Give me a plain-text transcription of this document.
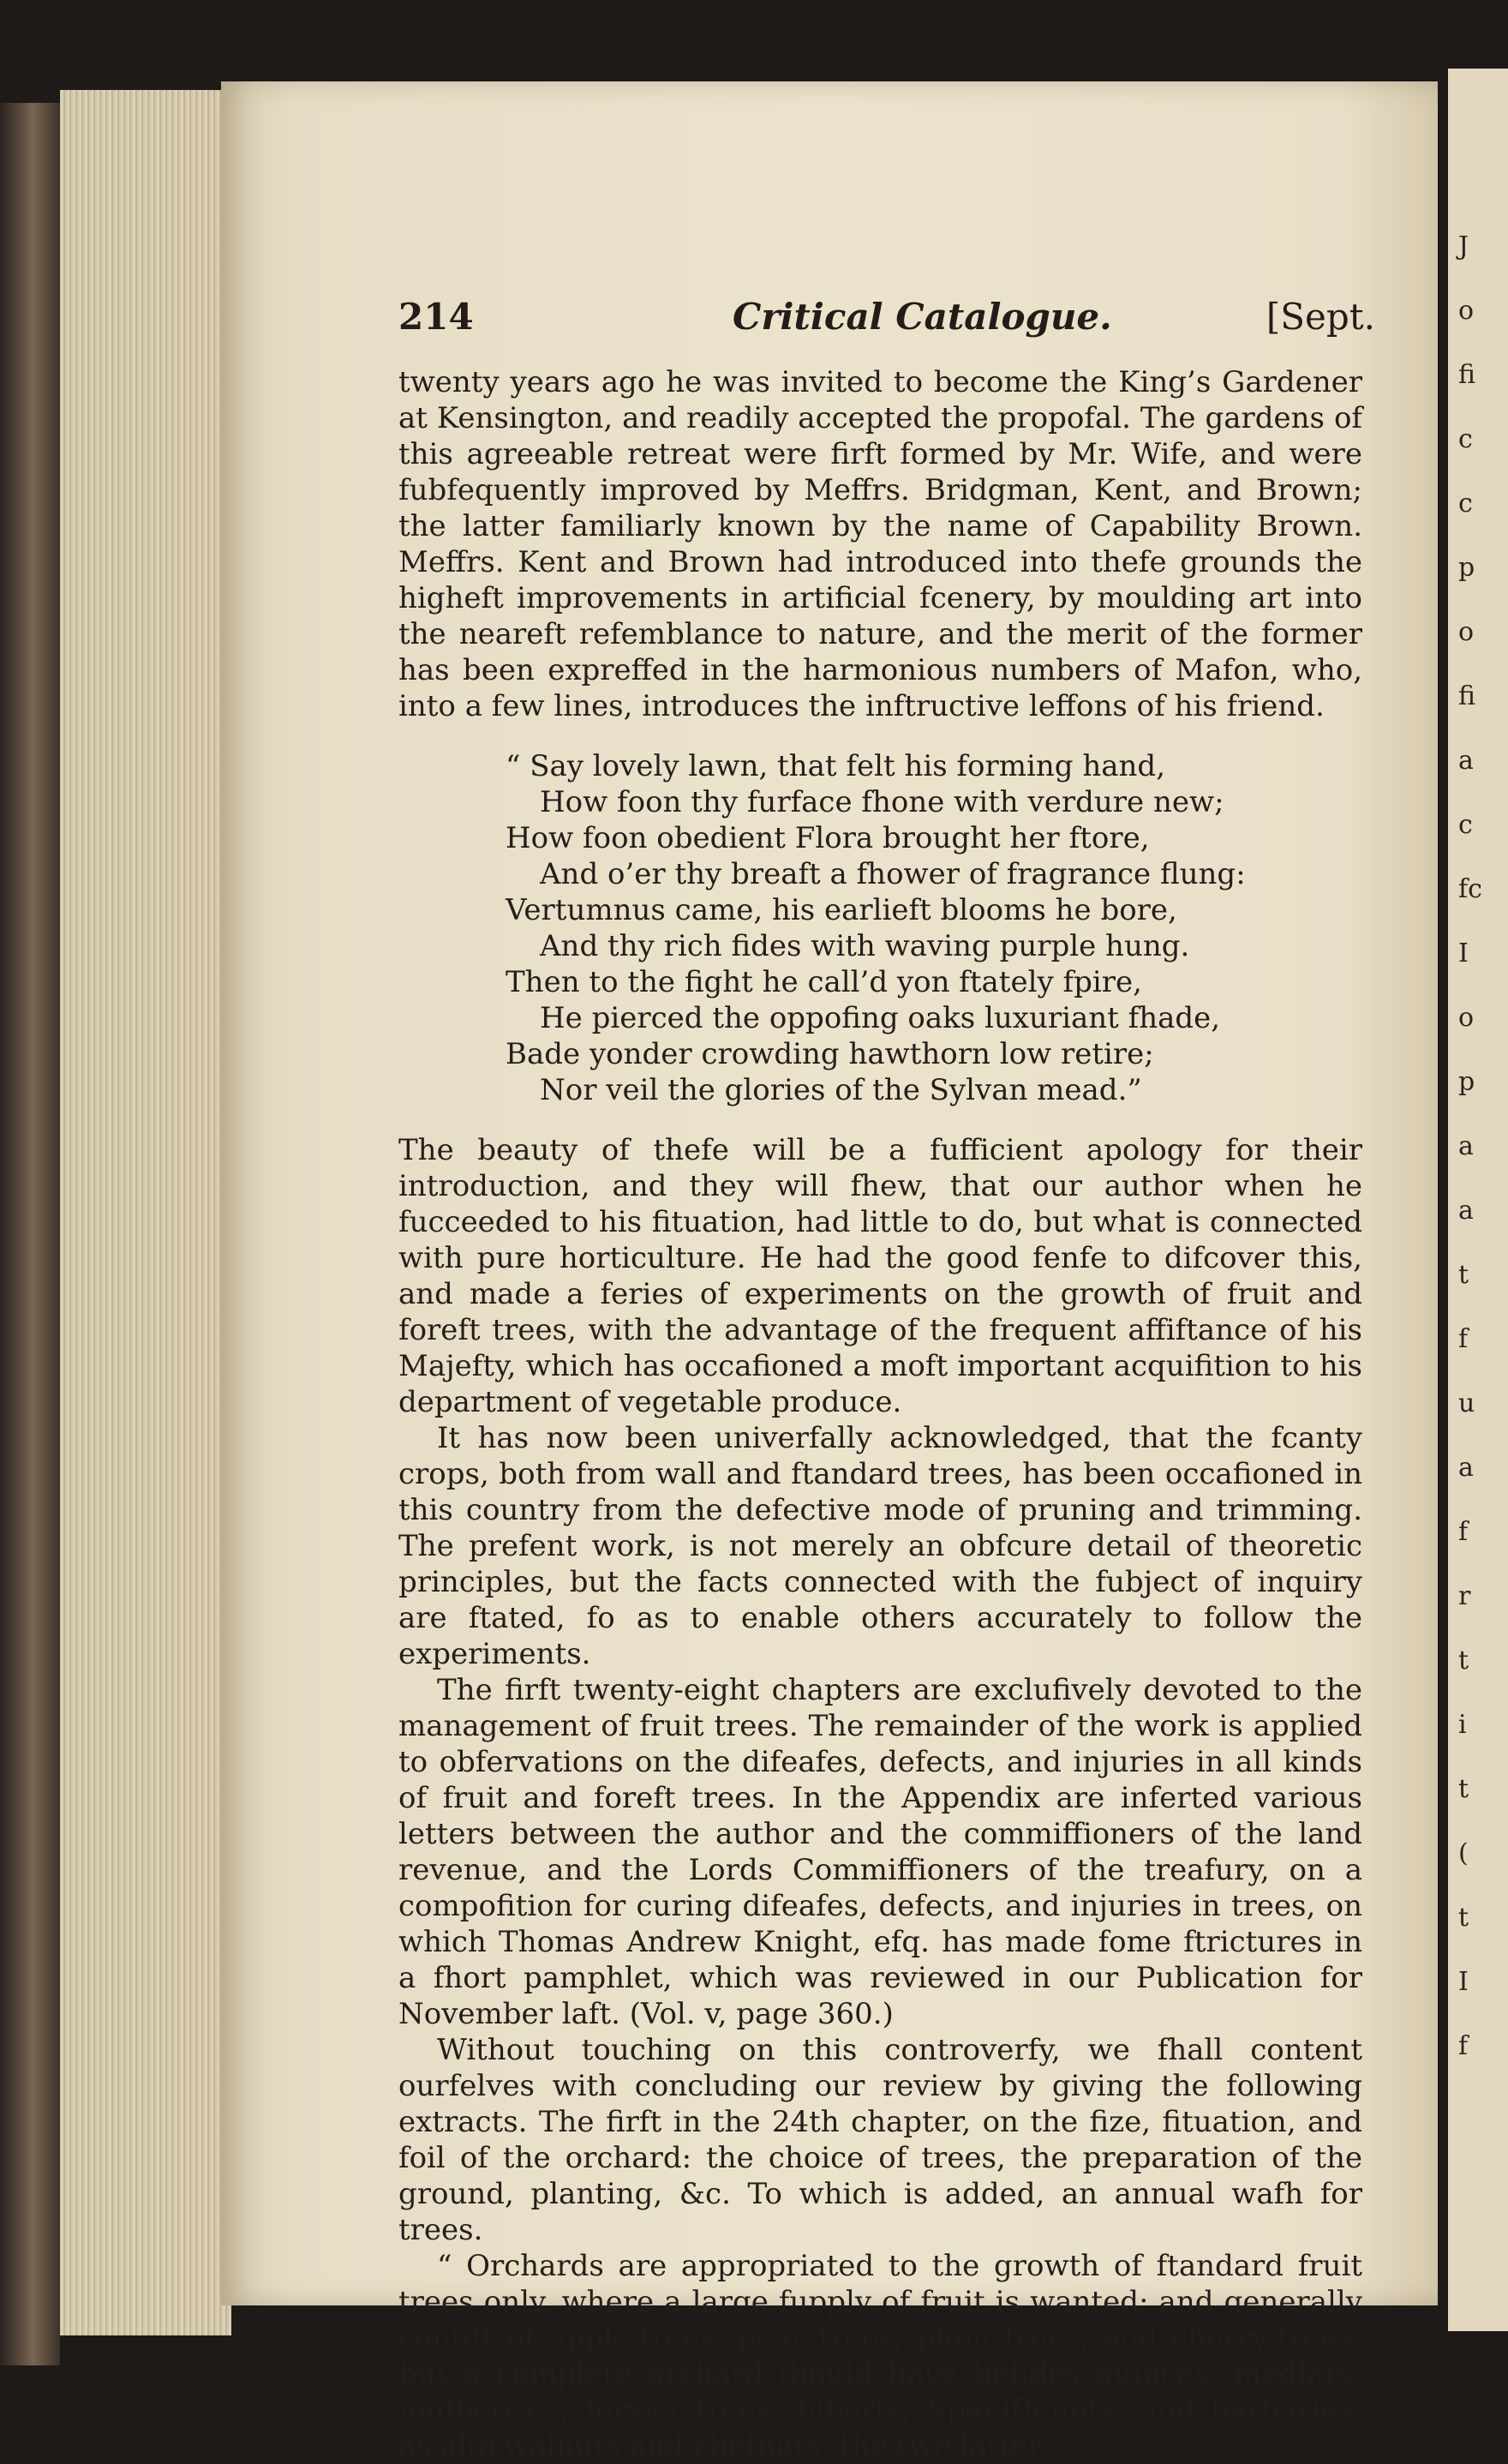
J
o
fi
c
c
p
o
fi
a
c
fc
I
o
p
a
a
t
f
u
a
f
r
t
i
t
(
t
I
f
214	Critical Catalogue.	[Sept.

twenty years ago he was invited to become the King’s Gardener at Kensington, and readily accepted the propofal. The gardens of this agreeable retreat were firft formed by Mr. Wife, and were fubfequently improved by Meffrs. Bridgman, Kent, and Brown; the latter familiarly known by the name of Capability Brown. Meffrs. Kent and Brown had introduced into thefe grounds the higheft improvements in artificial fcenery, by moulding art into the neareft refemblance to nature, and the merit of the former has been expreffed in the harmonious numbers of Mafon, who, into a few lines, introduces the inftructive leffons of his friend.

“ Say lovely lawn, that felt his forming hand,
How foon thy furface fhone with verdure new;
How foon obedient Flora brought her ftore,
And o’er thy breaft a fhower of fragrance flung:
Vertumnus came, his earlieft blooms he bore,
And thy rich fides with waving purple hung.
Then to the fight he call’d yon ftately fpire,
He pierced the oppofing oaks luxuriant fhade,
Bade yonder crowding hawthorn low retire;
Nor veil the glories of the Sylvan mead.”

The beauty of thefe will be a fufficient apology for their introduction, and they will fhew, that our author when he fucceeded to his fituation, had little to do, but what is connected with pure horticulture. He had the good fenfe to difcover this, and made a feries of experiments on the growth of fruit and foreft trees, with the advantage of the frequent affiftance of his Majefty, which has occafioned a moft important acquifition to his department of vegetable produce.

It has now been univerfally acknowledged, that the fcanty crops, both from wall and ftandard trees, has been occafioned in this country from the defective mode of pruning and trimming. The prefent work, is not merely an obfcure detail of theoretic principles, but the facts connected with the fubject of inquiry are ftated, fo as to enable others accurately to follow the experiments.

The firft twenty-eight chapters are exclufively devoted to the management of fruit trees. The remainder of the work is applied to obfervations on the difeafes, defects, and injuries in all kinds of fruit and foreft trees. In the Appendix are inferted various letters between the author and the commiffioners of the land revenue, and the Lords Commiffioners of the treafury, on a compofition for curing difeafes, defects, and injuries in trees, on which Thomas Andrew Knight, efq. has made fome ftrictures in a fhort pamphlet, which was reviewed in our Publication for November laft. (Vol. v, page 360.)

Without touching on this controverfy, we fhall content ourfelves with concluding our review by giving the following extracts. The firft in the 24th chapter, on the fize, fituation, and foil of the orchard: the choice of trees, the preparation of the ground, planting, &c. To which is added, an annual wafh for trees.

“ Orchards are appropriated to the growth of ftandard fruit trees only, where a large fupply of fruit is wanted; and generally confift of apple-trees, pear trees, plum trees, and cherry-trees; but a complete orchard fhould have befides quinces, medlars, mulberries, fervice-trees, filberts, Spanifh-nuts, and barbaries; as alfo walnuts and chefnuts; the two latter
